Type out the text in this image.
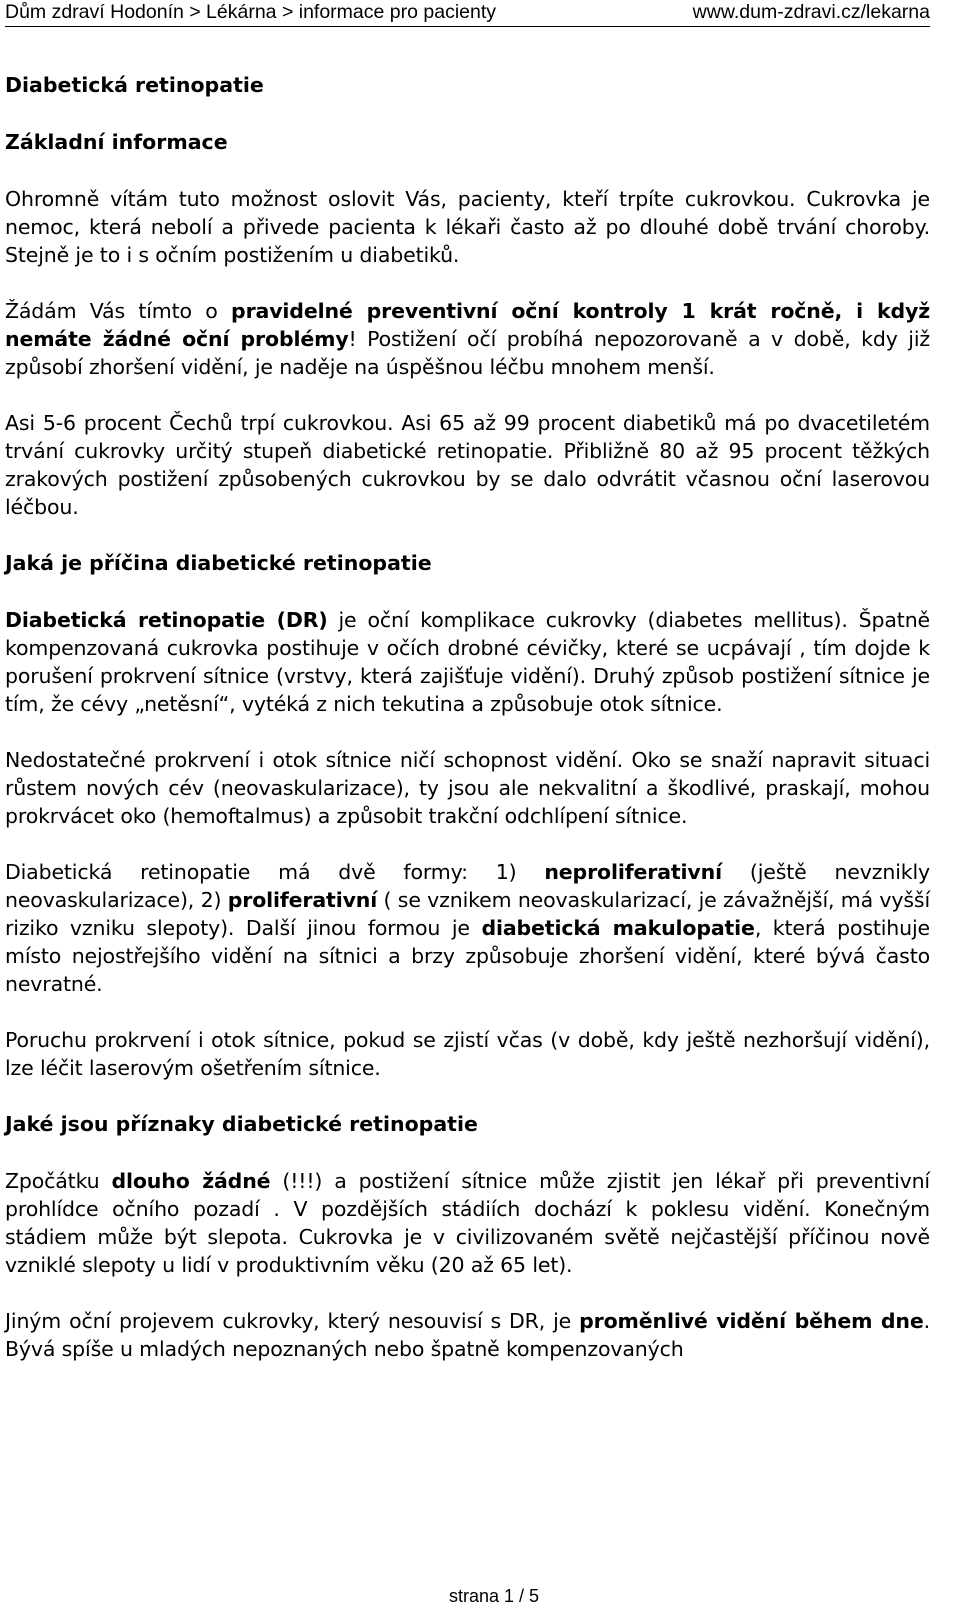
Dům zdraví Hodonín > Lékárna > informace pro pacienty	www.dum-zdravi.cz/lekarna
Diabetická retinopatie
Základní informace

Ohromně vítám tuto možnost oslovit Vás, pacienty, kteří trpíte cukrovkou. Cukrovka je nemoc, která nebolí a přivede pacienta k lékaři často až po dlouhé době trvání choroby. Stejně je to i s očním postižením u diabetiků.

Žádám Vás tímto o pravidelné preventivní oční kontroly 1 krát ročně, i když nemáte žádné oční problémy! Postižení očí probíhá nepozorovaně a v době, kdy již způsobí zhoršení vidění, je naděje na úspěšnou léčbu mnohem menší.

Asi 5-6 procent Čechů trpí cukrovkou. Asi 65 až 99 procent diabetiků má po dvacetiletém trvání cukrovky určitý stupeň diabetické retinopatie. Přibližně 80 až 95 procent těžkých zrakových postižení způsobených cukrovkou by se dalo odvrátit včasnou oční laserovou léčbou.

Jaká je příčina diabetické retinopatie

Diabetická retinopatie (DR) je oční komplikace cukrovky (diabetes mellitus). Špatně kompenzovaná cukrovka postihuje v očích drobné cévičky, které se ucpávají , tím dojde k porušení prokrvení sítnice (vrstvy, která zajišťuje vidění). Druhý způsob postižení sítnice je tím, že cévy „netěsní“, vytéká z nich tekutina a způsobuje otok sítnice.

Nedostatečné prokrvení i otok sítnice ničí schopnost vidění. Oko se snaží napravit situaci růstem nových cév (neovaskularizace), ty jsou ale nekvalitní a škodlivé, praskají, mohou prokrvácet oko (hemoftalmus) a způsobit trakční odchlípení sítnice.

Diabetická retinopatie má dvě formy: 1) neproliferativní (ještě nevznikly neovaskularizace), 2) proliferativní ( se vznikem neovaskularizací, je závažnější, má vyšší riziko vzniku slepoty). Další jinou formou je diabetická makulopatie, která postihuje místo nejostřejšího vidění na sítnici a brzy způsobuje zhoršení vidění, které bývá často nevratné.

Poruchu prokrvení i otok sítnice, pokud se zjistí včas (v době, kdy ještě nezhoršují vidění), lze léčit laserovým ošetřením sítnice.

Jaké jsou příznaky diabetické retinopatie

Zpočátku dlouho žádné (!!!) a postižení sítnice může zjistit jen lékař při preventivní prohlídce očního pozadí . V pozdějších stádiích dochází k poklesu vidění. Konečným stádiem může být slepota. Cukrovka je v civilizovaném světě nejčastější příčinou nově vzniklé slepoty u lidí v produktivním věku (20 až 65 let).

Jiným oční projevem cukrovky, který nesouvisí s DR, je proměnlivé vidění během dne. Bývá spíše u mladých nepoznaných nebo špatně kompenzovaných

strana 1 / 5
